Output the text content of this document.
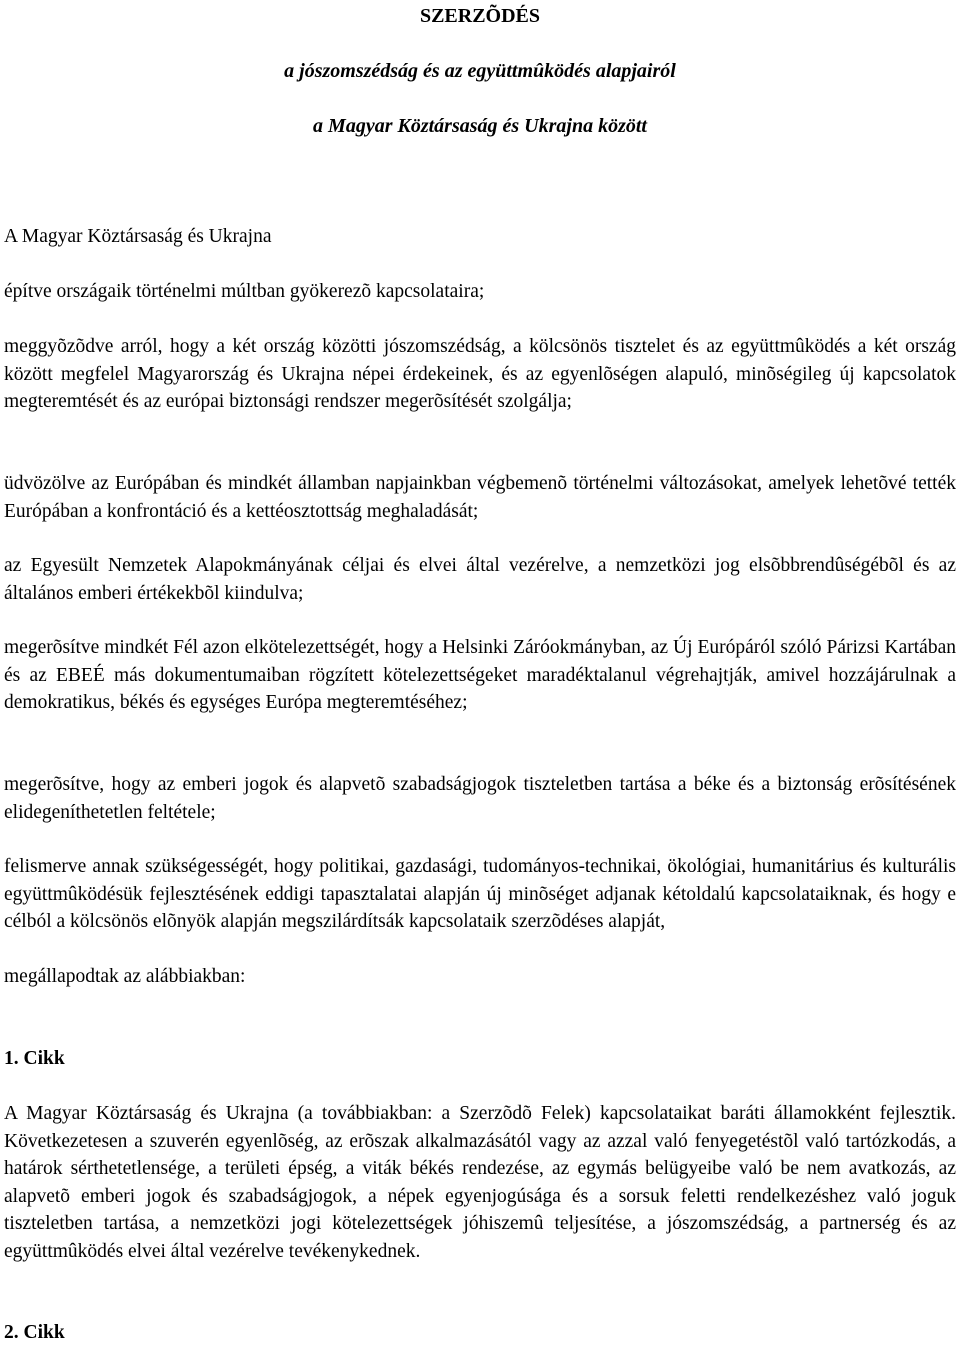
SZERZÕDÉS
a jószomszédság és az együttmûködés alapjairól
a Magyar Köztársaság és Ukrajna között

A Magyar Köztársaság és Ukrajna

építve országaik történelmi múltban gyökerezõ kapcsolataira;

meggyõzõdve arról, hogy a két ország közötti jószomszédság, a kölcsönös tisztelet és az együttmûködés a két ország között megfelel Magyarország és Ukrajna népei érdekeinek, és az egyenlõségen alapuló, minõségileg új kapcsolatok megteremtését és az európai biztonsági rendszer megerõsítését szolgálja;

üdvözölve az Európában és mindkét államban napjainkban végbemenõ történelmi változásokat, amelyek lehetõvé tették Európában a konfrontáció és a kettéosztottság meghaladását;

az Egyesült Nemzetek Alapokmányának céljai és elvei által vezérelve, a nemzetközi jog elsõbbrendûségébõl és az általános emberi értékekbõl kiindulva;

megerõsítve mindkét Fél azon elkötelezettségét, hogy a Helsinki Záróokmányban, az Új Európáról szóló Párizsi Kartában és az EBEÉ más dokumentumaiban rögzített kötelezettségeket maradéktalanul végrehajtják, amivel hozzájárulnak a demokratikus, békés és egységes Európa megteremtéséhez;

megerõsítve, hogy az emberi jogok és alapvetõ szabadságjogok tiszteletben tartása a béke és a biztonság erõsítésének elidegeníthetetlen feltétele;

felismerve annak szükségességét, hogy politikai, gazdasági, tudományos-technikai, ökológiai, humanitárius és kulturális együttmûködésük fejlesztésének eddigi tapasztalatai alapján új minõséget adjanak kétoldalú kapcsolataiknak, és hogy e célból a kölcsönös elõnyök alapján megszilárdítsák kapcsolataik szerzõdéses alapját,

megállapodtak az alábbiakban:

1. Cikk

A Magyar Köztársaság és Ukrajna (a továbbiakban: a Szerzõdõ Felek) kapcsolataikat baráti államokként fejlesztik. Következetesen a szuverén egyenlõség, az erõszak alkalmazásától vagy az azzal való fenyegetéstõl való tartózkodás, a határok sérthetetlensége, a területi épség, a viták békés rendezése, az egymás belügyeibe való be nem avatkozás, az alapvetõ emberi jogok és szabadságjogok, a népek egyenjogúsága és a sorsuk feletti rendelkezéshez való joguk tiszteletben tartása, a nemzetközi jogi kötelezettségek jóhiszemû teljesítése, a jószomszédság, a partnerség és az együttmûködés elvei által vezérelve tevékenykednek.

2. Cikk
